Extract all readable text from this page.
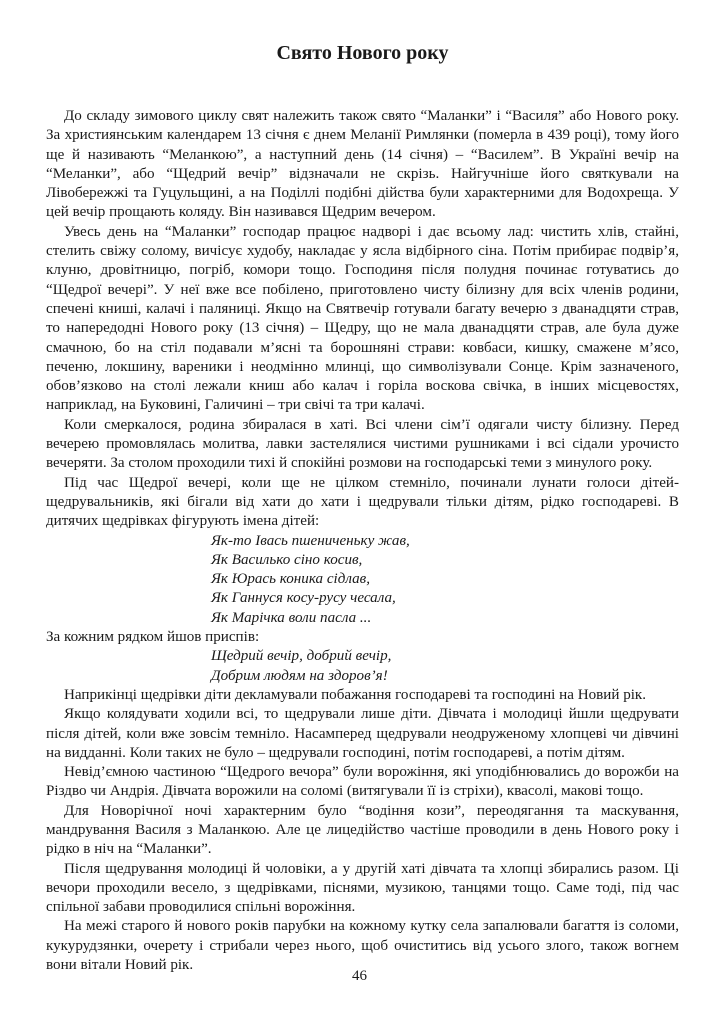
Свято Нового року

До складу зимового циклу свят належить також свято “Маланки” і “Василя” або Нового року. За християнським календарем 13 січня є днем Меланії Римлянки (померла в 439 році), тому його ще й називають “Меланкою”, а наступний день (14 січня) – “Василем”. В Україні вечір на “Меланки”, або “Щедрий вечір” відзначали не скрізь. Найгучніше його святкували на Лівобережжі та Гуцульщині, а на Поділлі подібні дійства були характерними для Водохреща. У цей вечір прощають коляду. Він називався Щедрим вечером.

Увесь день на “Маланки” господар працює надворі і дає всьому лад: чистить хлів, стайні, стелить свіжу солому, вичісує худобу, накладає у ясла відбірного сіна. Потім прибирає подвір’я, клуню, дровітницю, погріб, комори тощо. Господиня після полудня починає готуватись до “Щедрої вечері”. У неї вже все побілено, приготовлено чисту білизну для всіх членів родини, спечені книші, калачі і паляниці. Якщо на Святвечір готували багату вечерю з дванадцяти страв, то напередодні Нового року (13 січня) – Щедру, що не мала дванадцяти страв, але була дуже смачною, бо на стіл подавали м’ясні та борошняні страви: ковбаси, кишку, смажене м’ясо, печеню, локшину, вареники і неодмінно млинці, що символізували Сонце. Крім зазначеного, обов’язково на столі лежали книш або калач і горіла воскова свічка, в інших місцевостях, наприклад, на Буковині, Галичині – три свічі та три калачі.

Коли смеркалося, родина збиралася в хаті. Всі члени сім’ї одягали чисту білизну. Перед вечерею промовлялась молитва, лавки застелялися чистими рушниками і всі сідали урочисто вечеряти. За столом проходили тихі й спокійні розмови на господарські теми з минулого року.

Під час Щедрої вечері, коли ще не цілком стемніло, починали лунати голоси дітей-щедрувальників, які бігали від хати до хати і щедрували тільки дітям, рідко господареві. В дитячих щедрівках фігурують імена дітей:

Як-то Івась пшениченьку жав,
Як Василько сіно косив,
Як Юрась коника сідлав,
Як Ганнуся косу-русу чесала,
Як Марічка воли пасла ...

За кожним рядком йшов приспів:

Щедрий вечір, добрий вечір,
Добрим людям на здоров’я!

Наприкінці щедрівки діти декламували побажання господареві та господині на Новий рік.

Якщо колядувати ходили всі, то щедрували лише діти. Дівчата і молодиці йшли щедрувати після дітей, коли вже зовсім темніло. Насамперед щедрували неодруженому хлопцеві чи дівчині на видданні. Коли таких не було – щедрували господині, потім господареві, а потім дітям.

Невід’ємною частиною “Щедрого вечора” були ворожіння, які уподібнювались до ворожби на Різдво чи Андрія. Дівчата ворожили на соломі (витягували її із стріхи), квасолі, макові тощо.

Для Новорічної ночі характерним було “водіння кози”, переодягання та маскування, мандрування Василя з Маланкою. Але це лицедійство частіше проводили в день Нового року і рідко в ніч на “Маланки”.

Після щедрування молодиці й чоловіки, а у другій хаті дівчата та хлопці збирались разом. Ці вечори проходили весело, з щедрівками, піснями, музикою, танцями тощо. Саме тоді, під час спільної забави проводилися спільні ворожіння.

На межі старого й нового років парубки на кожному кутку села запалювали багаття із соломи, кукурудзянки, очерету і стрибали через нього, щоб очиститись від усього злого, також вогнем вони вітали Новий рік.

46
